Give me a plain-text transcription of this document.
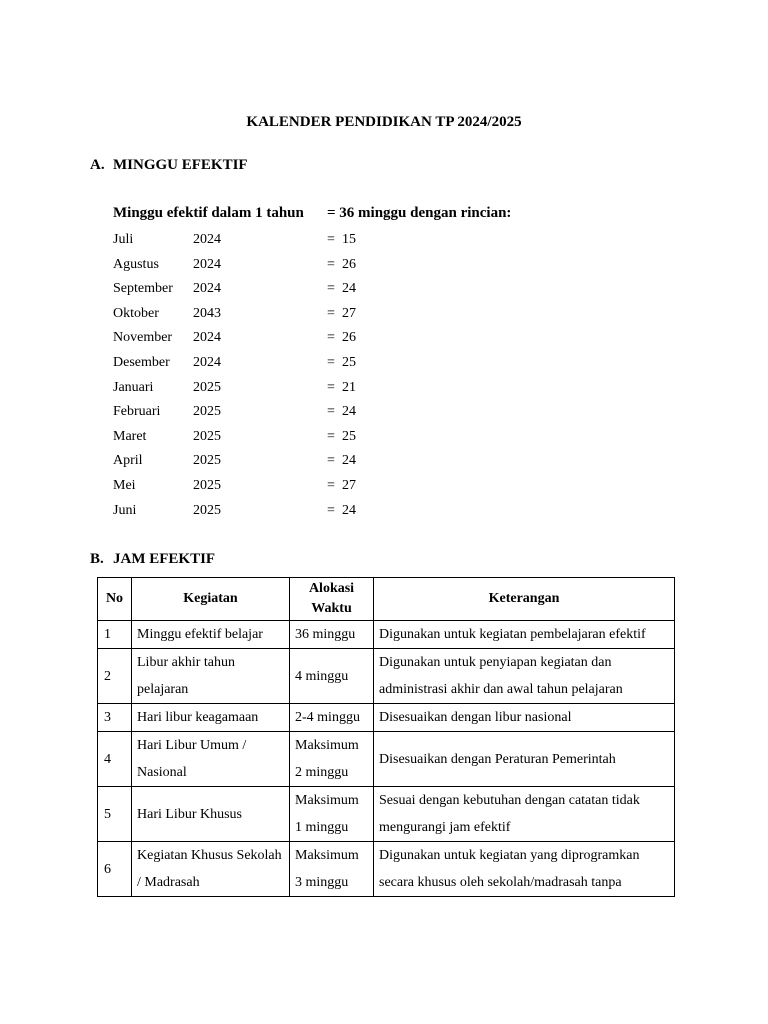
KALENDER PENDIDIKAN TP 2024/2025
A. MINGGU EFEKTIF
Minggu efektif dalam 1 tahun = 36 minggu dengan rincian:
Juli	2024	= 15
Agustus 2024	= 26
September 2024	= 24
Oktober 2043	= 27
November 2024	= 26
Desember 2024	= 25
Januari	2025	= 21
Februari 2025	= 24
Maret	2025	= 25
April	2025	= 24
Mei	2025	= 27
Juni	2025	= 24
B. JAM EFEKTIF
No	Kegiatan	Alokasi Waktu	Keterangan
1	Minggu efektif belajar	36 minggu	Digunakan untuk kegiatan pembelajaran efektif
2	Libur akhir tahun pelajaran	4 minggu	Digunakan untuk penyiapan kegiatan dan administrasi akhir dan awal tahun pelajaran
3	Hari libur keagamaan	2-4 minggu	Disesuaikan dengan libur nasional
4	Hari Libur Umum / Nasional	Maksimum 2 minggu	Disesuaikan dengan Peraturan Pemerintah
5	Hari Libur Khusus	Maksimum 1 minggu	Sesuai dengan kebutuhan dengan catatan tidak mengurangi jam efektif
6	Kegiatan Khusus Sekolah / Madrasah	Maksimum 3 minggu	Digunakan untuk kegiatan yang diprogramkan secara khusus oleh sekolah/madrasah tanpa
